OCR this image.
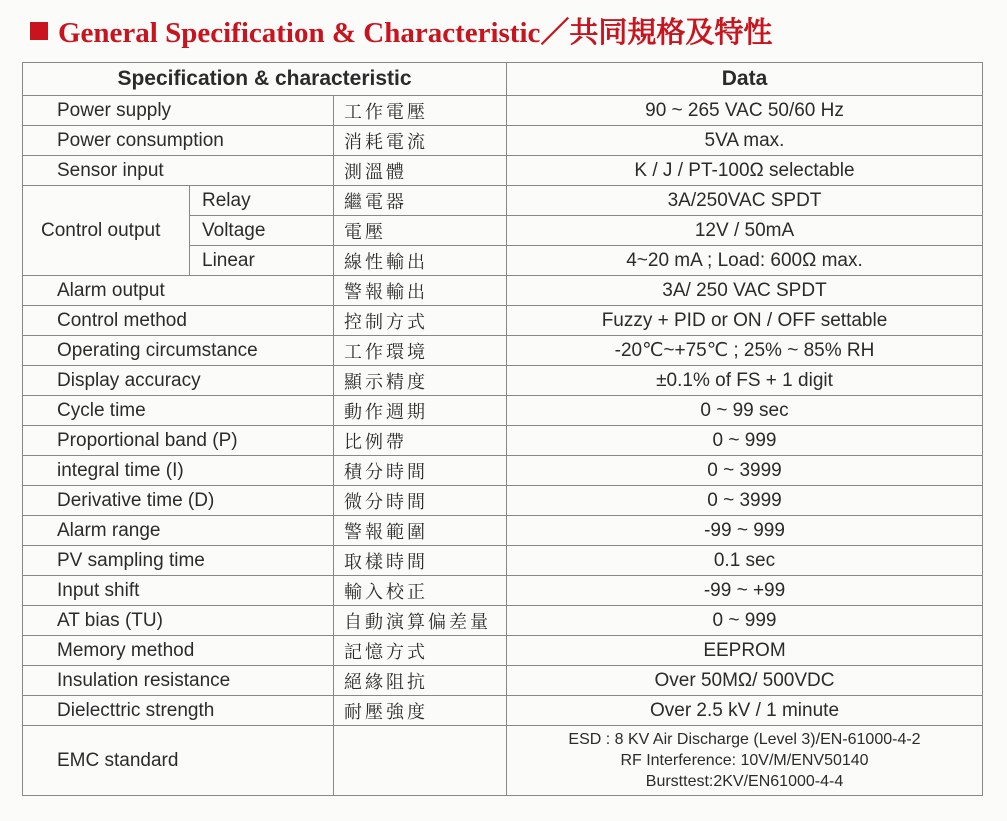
General Specification & Characteristic／共同規格及特性
Specification & characteristic			Data
Power supply		工作電壓	90 ~ 265 VAC 50/60 Hz
Power consumption		消耗電流	5VA max.
Sensor input		測溫體	K / J / PT-100Ω selectable
Control output	Relay	繼電器	3A/250VAC SPDT
	Voltage	電壓	12V / 50mA
	Linear	線性輸出	4~20 mA ; Load: 600Ω max.
Alarm output		警報輸出	3A/ 250 VAC SPDT
Control method		控制方式	Fuzzy + PID or ON / OFF settable
Operating circumstance		工作環境	-20℃~+75℃ ; 25% ~ 85% RH
Display accuracy		顯示精度	±0.1% of FS + 1 digit
Cycle time		動作週期	0 ~ 99 sec
Proportional band (P)		比例帶	0 ~ 999
integral time (I)		積分時間	0 ~ 3999
Derivative time (D)		微分時間	0 ~ 3999
Alarm range		警報範圍	-99 ~ 999
PV sampling time		取樣時間	0.1 sec
Input shift		輸入校正	-99 ~ +99
AT bias (TU)		自動演算偏差量	0 ~ 999
Memory method		記憶方式	EEPROM
Insulation resistance		絕緣阻抗	Over 50MΩ/ 500VDC
Dielecttric strength		耐壓強度	Over 2.5 kV / 1 minute
EMC standard			ESD : 8 KV Air Discharge (Level 3)/EN-61000-4-2
RF Interference: 10V/M/ENV50140
Bursttest:2KV/EN61000-4-4
